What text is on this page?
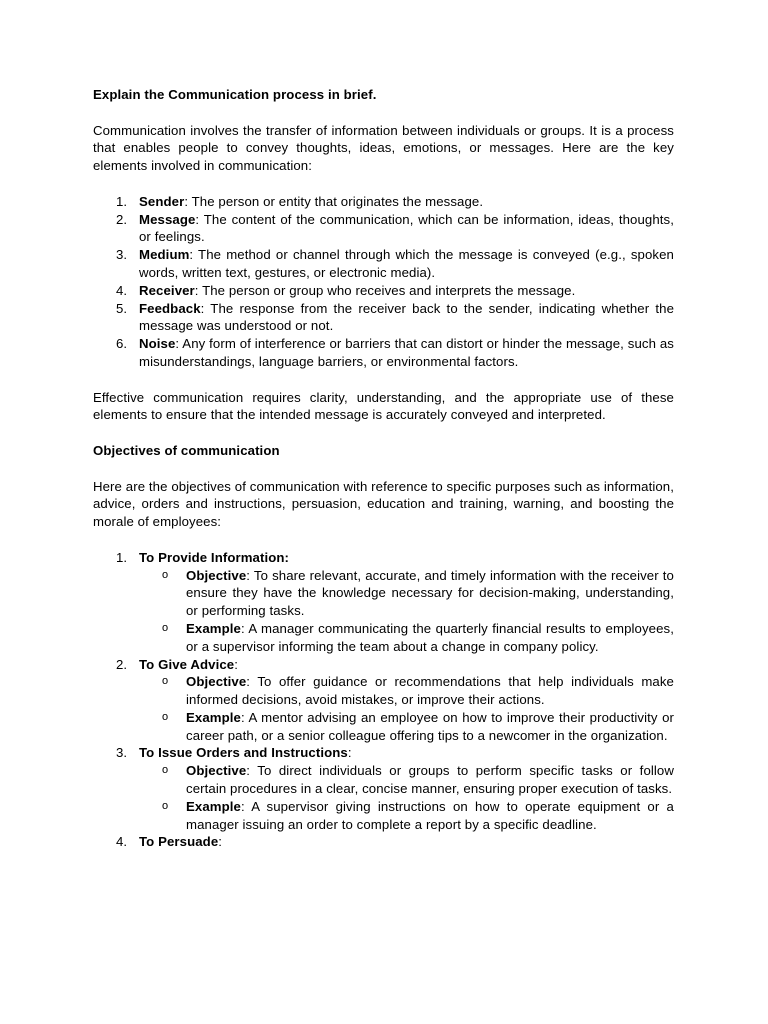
Explain the Communication process in brief.

Communication involves the transfer of information between individuals or groups. It is a process that enables people to convey thoughts, ideas, emotions, or messages. Here are the key elements involved in communication:

1. Sender: The person or entity that originates the message.
2. Message: The content of the communication, which can be information, ideas, thoughts, or feelings.
3. Medium: The method or channel through which the message is conveyed (e.g., spoken words, written text, gestures, or electronic media).
4. Receiver: The person or group who receives and interprets the message.
5. Feedback: The response from the receiver back to the sender, indicating whether the message was understood or not.
6. Noise: Any form of interference or barriers that can distort or hinder the message, such as misunderstandings, language barriers, or environmental factors.

Effective communication requires clarity, understanding, and the appropriate use of these elements to ensure that the intended message is accurately conveyed and interpreted.

Objectives of communication

Here are the objectives of communication with reference to specific purposes such as information, advice, orders and instructions, persuasion, education and training, warning, and boosting the morale of employees:

1. To Provide Information:
o Objective: To share relevant, accurate, and timely information with the receiver to ensure they have the knowledge necessary for decision-making, understanding, or performing tasks.
o Example: A manager communicating the quarterly financial results to employees, or a supervisor informing the team about a change in company policy.
2. To Give Advice:
o Objective: To offer guidance or recommendations that help individuals make informed decisions, avoid mistakes, or improve their actions.
o Example: A mentor advising an employee on how to improve their productivity or career path, or a senior colleague offering tips to a newcomer in the organization.
3. To Issue Orders and Instructions:
o Objective: To direct individuals or groups to perform specific tasks or follow certain procedures in a clear, concise manner, ensuring proper execution of tasks.
o Example: A supervisor giving instructions on how to operate equipment or a manager issuing an order to complete a report by a specific deadline.
4. To Persuade:
